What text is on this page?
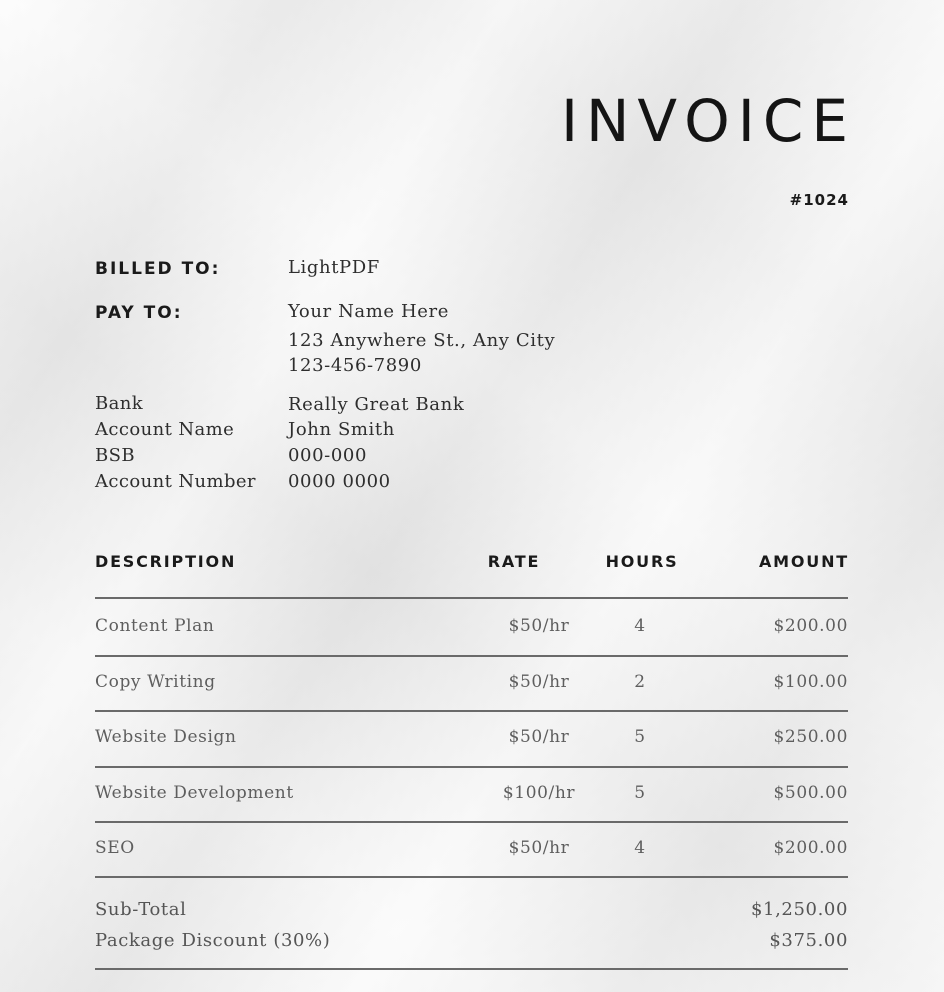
INVOICE
#1024
BILLED TO:	LightPDF
PAY TO:	Your Name Here
123 Anywhere St., Any City
123-456-7890
Bank	Really Great Bank
Account Name	John Smith
BSB	000-000
Account Number 0000 0000
DESCRIPTION	RATE	HOURS	AMOUNT
Content Plan	$50/hr	4	$200.00
Copy Writing	$50/hr	2	$100.00
Website Design	$50/hr	5	$250.00
Website Development	$100/hr	5	$500.00
SEO	$50/hr	4	$200.00
Sub-Total	$1,250.00
Package Discount (30%)	$375.00
